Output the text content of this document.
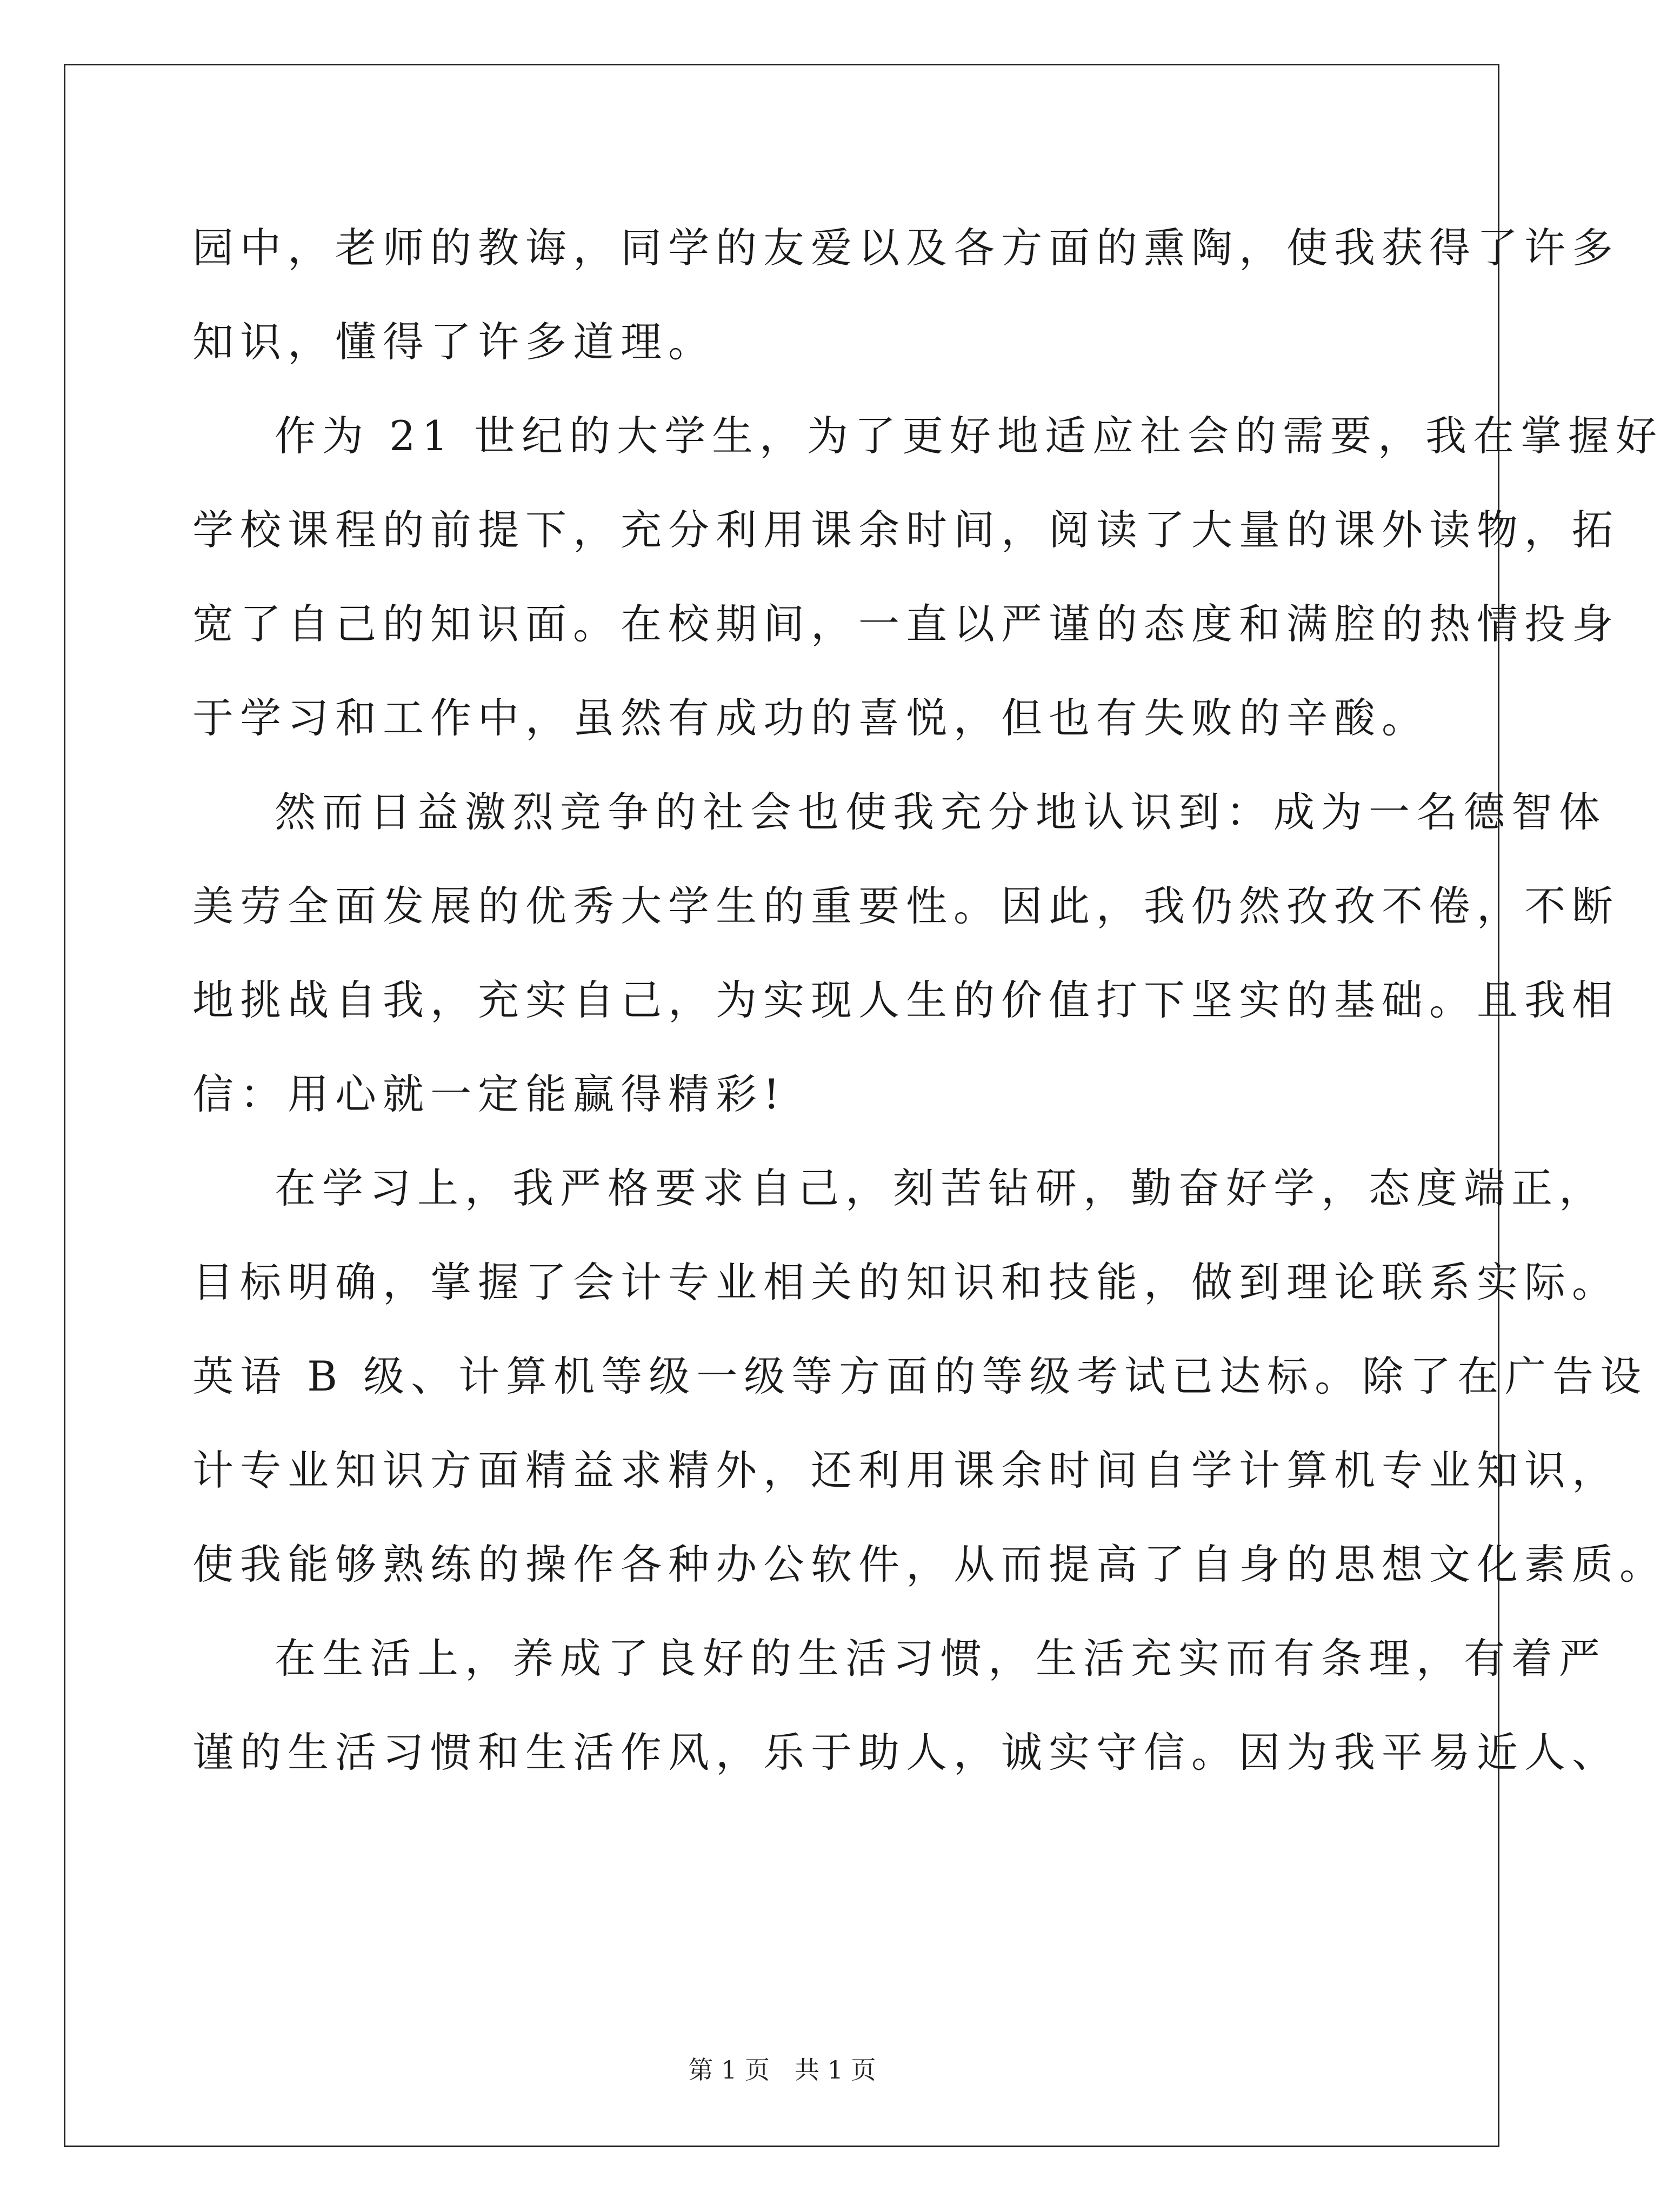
园中，老师的教诲，同学的友爱以及各方面的熏陶，使我获得了许多
知识，懂得了许多道理。
作为 21 世纪的大学生，为了更好地适应社会的需要，我在掌握好
学校课程的前提下，充分利用课余时间，阅读了大量的课外读物，拓
宽了自己的知识面。在校期间，一直以严谨的态度和满腔的热情投身
于学习和工作中，虽然有成功的喜悦，但也有失败的辛酸。
然而日益激烈竞争的社会也使我充分地认识到：成为一名德智体
美劳全面发展的优秀大学生的重要性。因此，我仍然孜孜不倦，不断
地挑战自我，充实自己，为实现人生的价值打下坚实的基础。且我相
信：用心就一定能赢得精彩!
在学习上，我严格要求自己，刻苦钻研，勤奋好学，态度端正，
目标明确，掌握了会计专业相关的知识和技能，做到理论联系实际。
英语 B 级、计算机等级一级等方面的等级考试已达标。除了在广告设
计专业知识方面精益求精外，还利用课余时间自学计算机专业知识，
使我能够熟练的操作各种办公软件，从而提高了自身的思想文化素质。
在生活上，养成了良好的生活习惯，生活充实而有条理，有着严
谨的生活习惯和生活作风，乐于助人，诚实守信。因为我平易近人、
第 1 页　共 1 页
